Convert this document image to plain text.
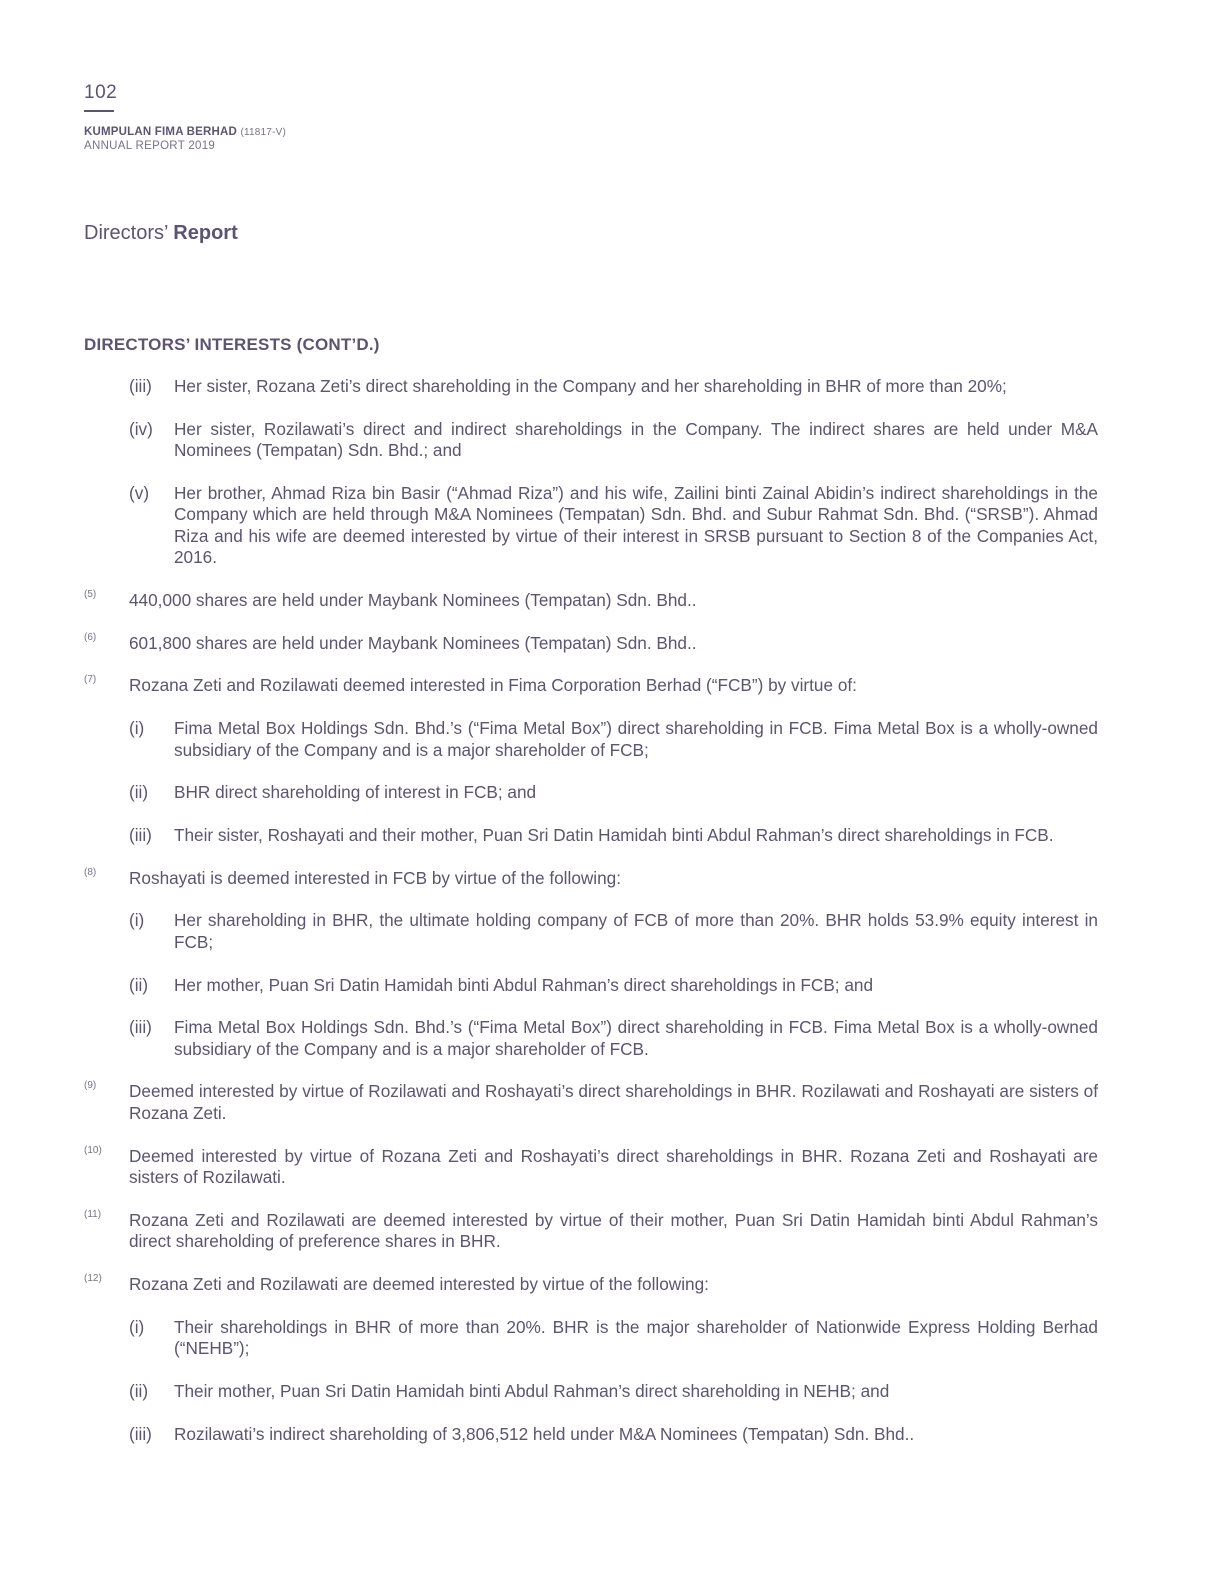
102
KUMPULAN FIMA BERHAD (11817-V)
ANNUAL REPORT 2019
Directors’ Report
DIRECTORS’ INTERESTS (CONT’D.)
(iii) Her sister, Rozana Zeti’s direct shareholding in the Company and her shareholding in BHR of more than 20%;
(iv) Her sister, Rozilawati’s direct and indirect shareholdings in the Company. The indirect shares are held under M&A Nominees (Tempatan) Sdn. Bhd.; and
(v) Her brother, Ahmad Riza bin Basir (“Ahmad Riza”) and his wife, Zailini binti Zainal Abidin’s indirect shareholdings in the Company which are held through M&A Nominees (Tempatan) Sdn. Bhd. and Subur Rahmat Sdn. Bhd. (“SRSB”). Ahmad Riza and his wife are deemed interested by virtue of their interest in SRSB pursuant to Section 8 of the Companies Act, 2016.
(5) 440,000 shares are held under Maybank Nominees (Tempatan) Sdn. Bhd..
(6) 601,800 shares are held under Maybank Nominees (Tempatan) Sdn. Bhd..
(7) Rozana Zeti and Rozilawati deemed interested in Fima Corporation Berhad (“FCB”) by virtue of:
(i) Fima Metal Box Holdings Sdn. Bhd.’s (“Fima Metal Box”) direct shareholding in FCB. Fima Metal Box is a wholly-owned subsidiary of the Company and is a major shareholder of FCB;
(ii) BHR direct shareholding of interest in FCB; and
(iii) Their sister, Roshayati and their mother, Puan Sri Datin Hamidah binti Abdul Rahman’s direct shareholdings in FCB.
(8) Roshayati is deemed interested in FCB by virtue of the following:
(i) Her shareholding in BHR, the ultimate holding company of FCB of more than 20%. BHR holds 53.9% equity interest in FCB;
(ii) Her mother, Puan Sri Datin Hamidah binti Abdul Rahman’s direct shareholdings in FCB; and
(iii) Fima Metal Box Holdings Sdn. Bhd.’s (“Fima Metal Box”) direct shareholding in FCB. Fima Metal Box is a wholly-owned subsidiary of the Company and is a major shareholder of FCB.
(9) Deemed interested by virtue of Rozilawati and Roshayati’s direct shareholdings in BHR. Rozilawati and Roshayati are sisters of Rozana Zeti.
(10) Deemed interested by virtue of Rozana Zeti and Roshayati’s direct shareholdings in BHR. Rozana Zeti and Roshayati are sisters of Rozilawati.
(11) Rozana Zeti and Rozilawati are deemed interested by virtue of their mother, Puan Sri Datin Hamidah binti Abdul Rahman’s direct shareholding of preference shares in BHR.
(12) Rozana Zeti and Rozilawati are deemed interested by virtue of the following:
(i) Their shareholdings in BHR of more than 20%. BHR is the major shareholder of Nationwide Express Holding Berhad (“NEHB”);
(ii) Their mother, Puan Sri Datin Hamidah binti Abdul Rahman’s direct shareholding in NEHB; and
(iii) Rozilawati’s indirect shareholding of 3,806,512 held under M&A Nominees (Tempatan) Sdn. Bhd..
